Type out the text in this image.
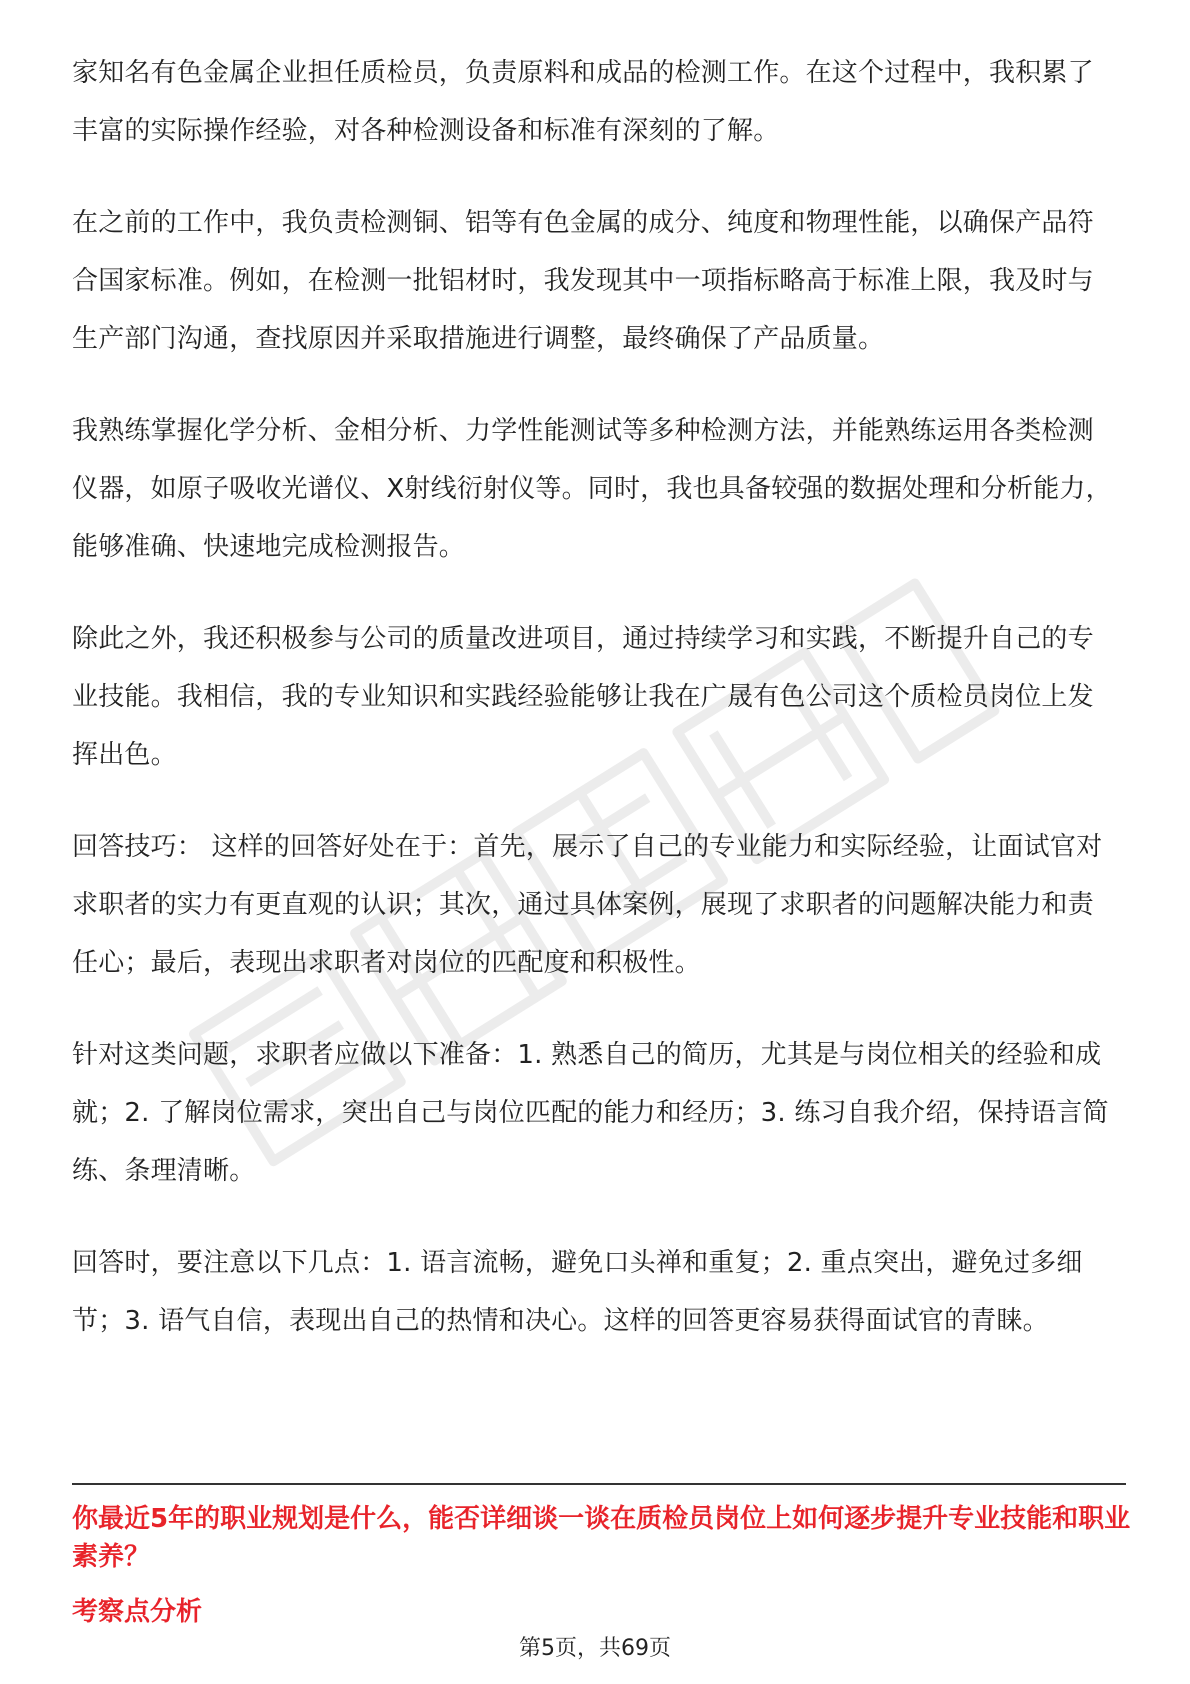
家知名有色金属企业担任质检员，负责原料和成品的检测工作。在这个过程中，我积累了丰富的实际操作经验，对各种检测设备和标准有深刻的了解。

在之前的工作中，我负责检测铜、铝等有色金属的成分、纯度和物理性能，以确保产品符合国家标准。例如，在检测一批铝材时，我发现其中一项指标略高于标准上限，我及时与生产部门沟通，查找原因并采取措施进行调整，最终确保了产品质量。

我熟练掌握化学分析、金相分析、力学性能测试等多种检测方法，并能熟练运用各类检测仪器，如原子吸收光谱仪、X射线衍射仪等。同时，我也具备较强的数据处理和分析能力，能够准确、快速地完成检测报告。

除此之外，我还积极参与公司的质量改进项目，通过持续学习和实践，不断提升自己的专业技能。我相信，我的专业知识和实践经验能够让我在广晟有色公司这个质检员岗位上发挥出色。

回答技巧： 这样的回答好处在于：首先，展示了自己的专业能力和实际经验，让面试官对求职者的实力有更直观的认识；其次，通过具体案例，展现了求职者的问题解决能力和责任心；最后，表现出求职者对岗位的匹配度和积极性。

针对这类问题，求职者应做以下准备：1. 熟悉自己的简历，尤其是与岗位相关的经验和成就；2. 了解岗位需求，突出自己与岗位匹配的能力和经历；3. 练习自我介绍，保持语言简练、条理清晰。

回答时，要注意以下几点：1. 语言流畅，避免口头禅和重复；2. 重点突出，避免过多细节；3. 语气自信，表现出自己的热情和决心。这样的回答更容易获得面试官的青睐。

你最近5年的职业规划是什么，能否详细谈一谈在质检员岗位上如何逐步提升专业技能和职业素养？
考察点分析
第5页，共69页
